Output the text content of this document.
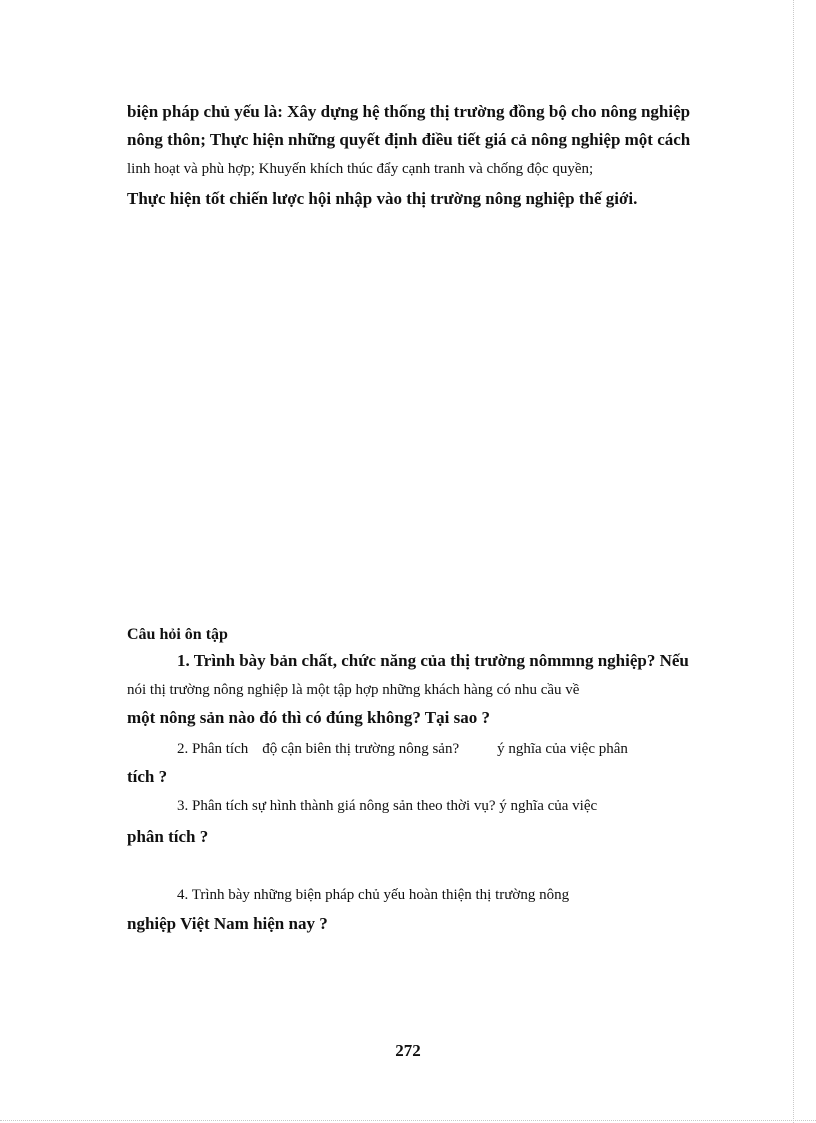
biện pháp chủ yếu là: Xây dựng hệ thống thị trường đồng bộ cho nông nghiệp
nông thôn; Thực hiện những quyết định điều tiết giá cả nông nghiệp một cách
linh hoạt và phù hợp; Khuyến khích thúc đẩy cạnh tranh và chống độc quyền;
Thực hiện tốt chiến lược hội nhập vào thị trường nông nghiệp thế giới.
Câu hỏi ôn tập
1. Trình bày bản chất, chức năng của thị trường nômmng nghiệp? Nếu
nói thị trường nông nghiệp là một tập hợp những khách hàng có nhu cầu về
một nông sản nào đó thì có đúng không? Tại sao ?
2. Phân tích độ cận biên thị trường nông sản?	ý nghĩa của việc phân
tích ?
3. Phân tích sự hình thành giá nông sản theo thời vụ? ý nghĩa của việc
phân tích ?
4. Trình bày những biện pháp chủ yếu hoàn thiện thị trường nông
nghiệp Việt Nam hiện nay ?
272
